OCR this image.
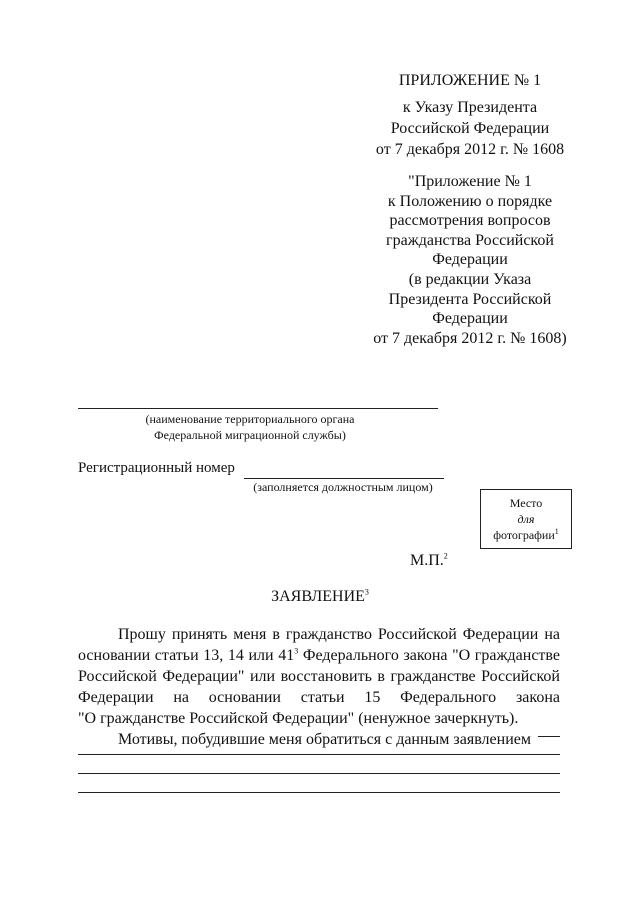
ПРИЛОЖЕНИЕ № 1
к Указу Президента
Российской Федерации
от 7 декабря 2012 г. № 1608
"Приложение № 1
к Положению о порядке
рассмотрения вопросов
гражданства Российской
Федерации
(в редакции Указа
Президента Российской
Федерации
от 7 декабря 2012 г. № 1608)
(наименование территориального органа
Федеральной миграционной службы)
Регистрационный номер
(заполняется должностным лицом)
Место
для
фотографии$^1$
М.П.$^2$
ЗАЯВЛЕНИЕ$^3$
Прошу принять меня в гражданство Российской Федерации на
основании статьи 13, 14 или $41^3$ Федерального закона "О гражданстве
Российской Федерации" или восстановить в гражданстве Российской
Федерации на основании статьи 15 Федерального закона
"О гражданстве Российской Федерации" (ненужное зачеркнуть).
Мотивы, побудившие меня обратиться с данным заявлением
